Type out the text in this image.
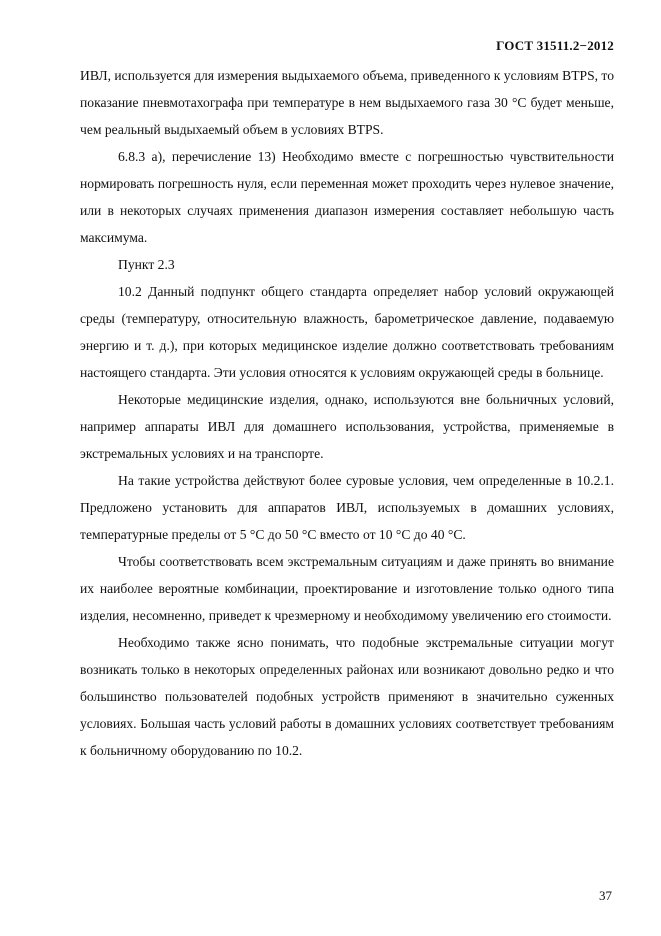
ГОСТ 31511.2−2012

ИВЛ, используется для измерения выдыхаемого объема, приведенного к условиям BTPS, то показание пневмотахографа при температуре в нем выдыхаемого газа 30 °С будет меньше, чем реальный выдыхаемый объем в условиях BTPS.

6.8.3 a), перечисление 13) Необходимо вместе с погрешностью чувствительности нормировать погрешность нуля, если переменная может проходить через нулевое значение, или в некоторых случаях применения диапазон измерения составляет небольшую часть максимума.

Пункт 2.3

10.2 Данный подпункт общего стандарта определяет набор условий окружающей среды (температуру, относительную влажность, барометрическое давление, подаваемую энергию и т. д.), при которых медицинское изделие должно соответствовать требованиям настоящего стандарта. Эти условия относятся к условиям окружающей среды в больнице.

Некоторые медицинские изделия, однако, используются вне больничных условий, например аппараты ИВЛ для домашнего использования, устройства, применяемые в экстремальных условиях и на транспорте.

На такие устройства действуют более суровые условия, чем определенные в 10.2.1. Предложено установить для аппаратов ИВЛ, используемых в домашних условиях, температурные пределы от 5 °С до 50 °С вместо от 10 °С до 40 °С.

Чтобы соответствовать всем экстремальным ситуациям и даже принять во внимание их наиболее вероятные комбинации, проектирование и изготовление только одного типа изделия, несомненно, приведет к чрезмерному и необходимому увеличению его стоимости.

Необходимо также ясно понимать, что подобные экстремальные ситуации могут возникать только в некоторых определенных районах или возникают довольно редко и что большинство пользователей подобных устройств применяют в значительно суженных условиях. Большая часть условий работы в домашних условиях соответствует требованиям к больничному оборудованию по 10.2.

37
